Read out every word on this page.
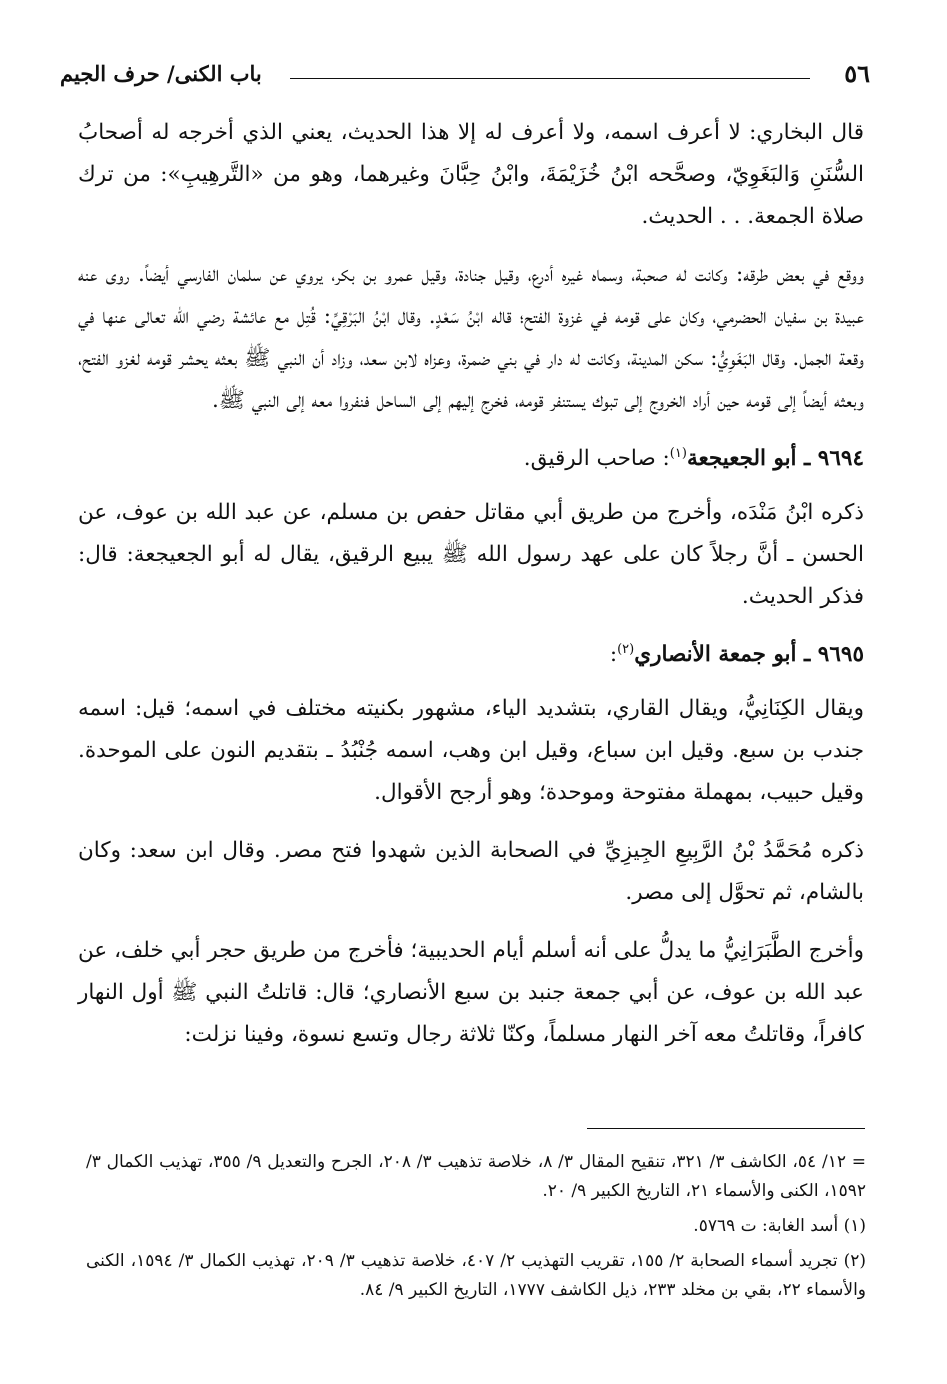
٥٦
باب الكنى/ حرف الجيم

قال البخاري: لا أعرف اسمه، ولا أعرف له إلا هذا الحديث، يعني الذي أخرجه له أصحابُ السُّنَنِ وَالبَغَوِيّ، وصحَّحه ابْنُ خُزَيْمَةَ، وابْنُ حِبَّانَ وغيرهما، وهو من «التَّرهِيبِ»: من ترك صلاة الجمعة. . . الحديث.

ووقع في بعض طرقه: وكانت له صحبة، وسماه غيره أدرع، وقيل جنادة، وقيل عمرو بن بكر، يروي عن سلمان الفارسي أيضاً. روى عنه عبيدة بن سفيان الحضرمي، وكان على قومه في غزوة الفتح؛ قاله ابْنُ سَعْدٍ. وقال ابْنُ البَرْقِيِّ: قُتِل مع عائشة رضي الله تعالى عنها في وقعة الجمل. وقال البَغَوِيُّ: سكن المدينة، وكانت له دار في بني ضمرة، وعزاه لابن سعد، وزاد أن النبي ﷺ بعثه يحشر قومه لغزو الفتح، وبعثه أيضاً إلى قومه حين أراد الخروج إلى تبوك يستنفر قومه، فخرج إليهم إلى الساحل فنفروا معه إلى النبي ﷺ.

٩٦٩٤ ـ أبو الجعيجعة$^{(١)}$: صاحب الرقيق.

ذكره ابْنُ مَنْدَه، وأخرج من طريق أبي مقاتل حفص بن مسلم، عن عبد الله بن عوف، عن الحسن ـ أنَّ رجلاً كان على عهد رسول الله ﷺ يبيع الرقيق، يقال له أبو الجعيجعة: قال: فذكر الحديث.

٩٦٩٥ ـ أبو جمعة الأنصاري$^{(٢)}$:

ويقال الكِنَانِيُّ، ويقال القاري، بتشديد الياء، مشهور بكنيته مختلف في اسمه؛ قيل: اسمه جندب بن سبع. وقيل ابن سباع، وقيل ابن وهب، اسمه جُنْبُدُ ـ بتقديم النون على الموحدة. وقيل حبيب، بمهملة مفتوحة وموحدة؛ وهو أرجح الأقوال.

ذكره مُحَمَّدُ بْنُ الرَّبِيعِ الجِيزِيِّ في الصحابة الذين شهدوا فتح مصر. وقال ابن سعد: وكان بالشام، ثم تحوَّل إلى مصر.

وأخرج الطَّبَرَانِيُّ ما يدلُّ على أنه أسلم أيام الحديبية؛ فأخرج من طريق حجر أبي خلف، عن عبد الله بن عوف، عن أبي جمعة جنبد بن سبع الأنصاري؛ قال: قاتلتُ النبي ﷺ أول النهار كافراً، وقاتلتُ معه آخر النهار مسلماً، وكنّا ثلاثة رجال وتسع نسوة، وفينا نزلت:

= ١٢/ ٥٤، الكاشف ٣/ ٣٢١، تنقيح المقال ٣/ ٨، خلاصة تذهيب ٣/ ٢٠٨، الجرح والتعديل ٩/ ٣٥٥، تهذيب الكمال ٣/ ١٥٩٢، الكنى والأسماء ٢١، التاريخ الكبير ٩/ ٢٠.

(١) أسد الغابة: ت ٥٧٦٩.

(٢) تجريد أسماء الصحابة ٢/ ١٥٥، تقريب التهذيب ٢/ ٤٠٧، خلاصة تذهيب ٣/ ٢٠٩، تهذيب الكمال ٣/ ١٥٩٤، الكنى والأسماء ٢٢، بقي بن مخلد ٢٣٣، ذيل الكاشف ١٧٧٧، التاريخ الكبير ٩/ ٨٤.
